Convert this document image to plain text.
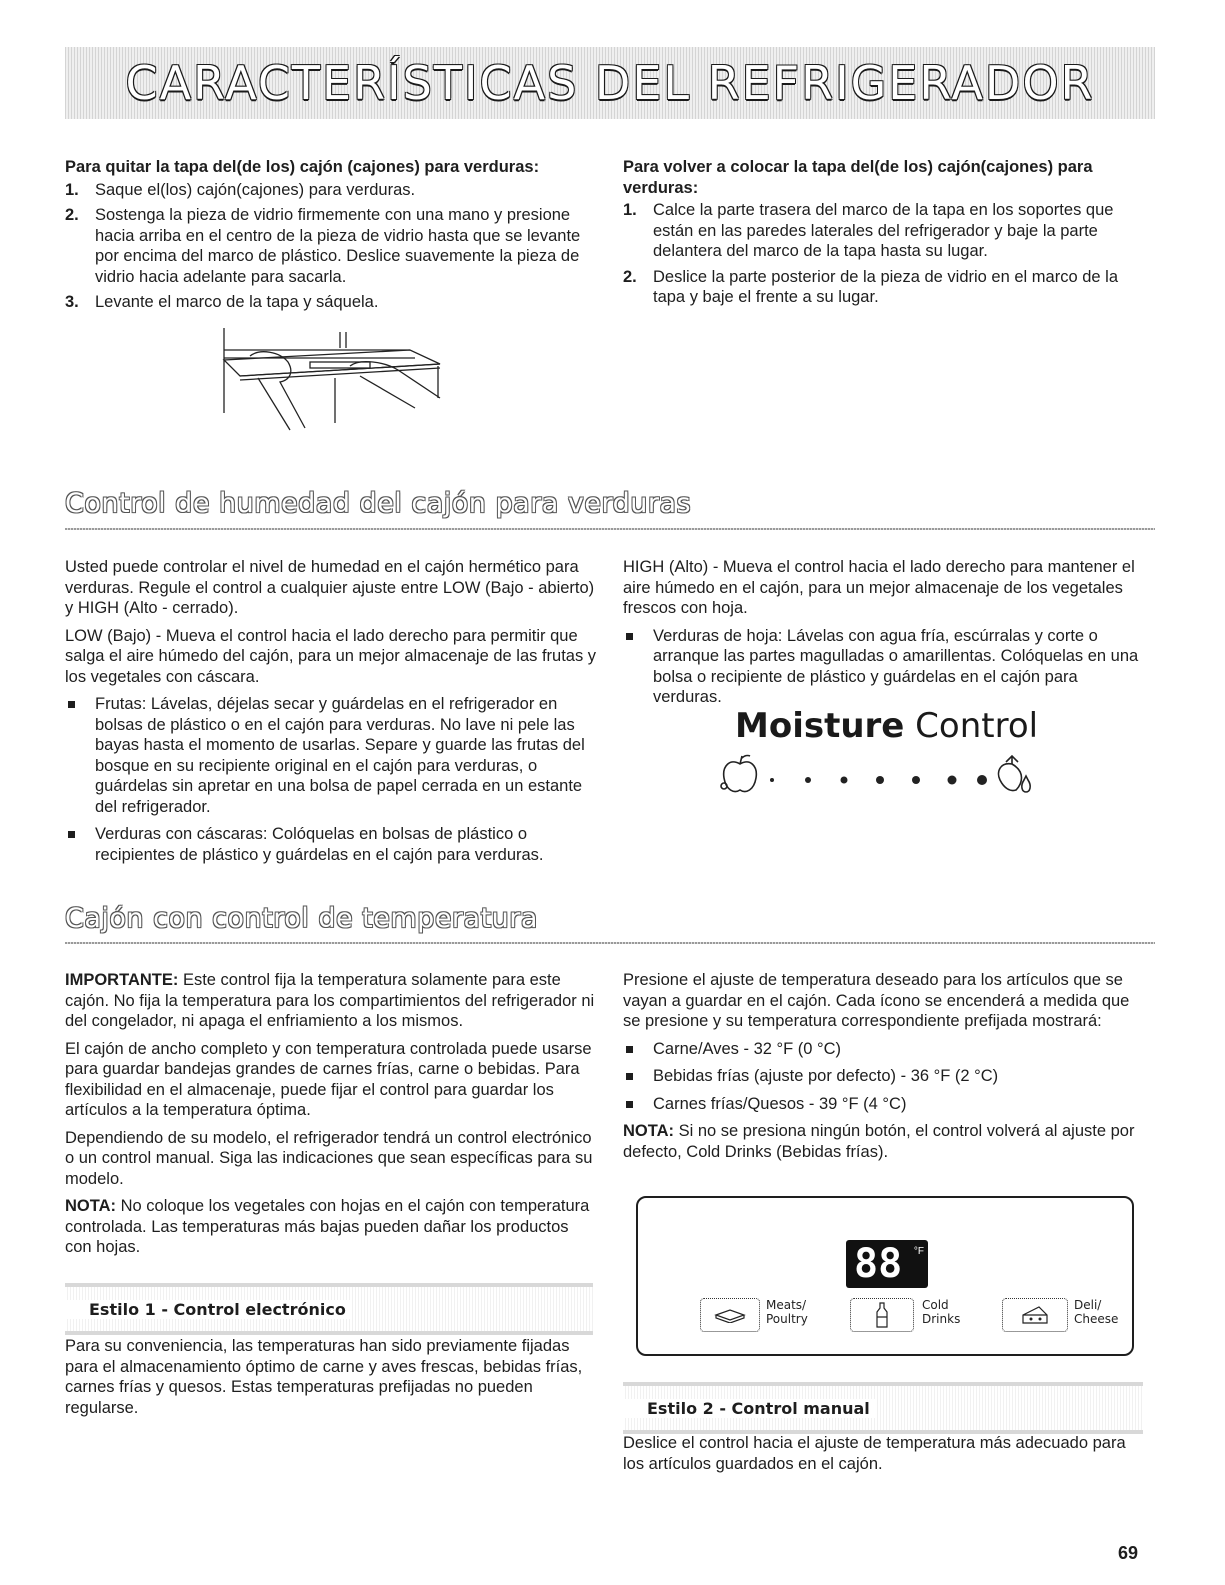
CARACTERÍSTICAS DEL REFRIGERADOR

Para quitar la tapa del(de los) cajón (cajones) para verduras:

1. Saque el(los) cajón(cajones) para verduras.
2. Sostenga la pieza de vidrio firmemente con una mano y presione hacia arriba en el centro de la pieza de vidrio hasta que se levante por encima del marco de plástico. Deslice suavemente la pieza de vidrio hacia adelante para sacarla.
3. Levante el marco de la tapa y sáquela.

Para volver a colocar la tapa del(de los) cajón(cajones) para verduras:

1. Calce la parte trasera del marco de la tapa en los soportes que están en las paredes laterales del refrigerador y baje la parte delantera del marco de la tapa hasta su lugar.
2. Deslice la parte posterior de la pieza de vidrio en el marco de la tapa y baje el frente a su lugar.
Control de humedad del cajón para verduras

Usted puede controlar el nivel de humedad en el cajón hermético para verduras. Regule el control a cualquier ajuste entre LOW (Bajo - abierto) y HIGH (Alto - cerrado).

LOW (Bajo) - Mueva el control hacia el lado derecho para permitir que salga el aire húmedo del cajón, para un mejor almacenaje de las frutas y los vegetales con cáscara.

Frutas: Lávelas, déjelas secar y guárdelas en el refrigerador en bolsas de plástico o en el cajón para verduras. No lave ni pele las bayas hasta el momento de usarlas. Separe y guarde las frutas del bosque en su recipiente original en el cajón para verduras, o guárdelas sin apretar en una bolsa de papel cerrada en un estante del refrigerador.
Verduras con cáscaras: Colóquelas en bolsas de plástico o recipientes de plástico y guárdelas en el cajón para verduras.

HIGH (Alto) - Mueva el control hacia el lado derecho para mantener el aire húmedo en el cajón, para un mejor almacenaje de los vegetales frescos con hoja.

Verduras de hoja: Lávelas con agua fría, escúrralas y corte o arranque las partes magulladas o amarillentas. Colóquelas en una bolsa o recipiente de plástico y guárdelas en el cajón para verduras.
Moisture Control
Cajón con control de temperatura

IMPORTANTE: Este control fija la temperatura solamente para este cajón. No fija la temperatura para los compartimientos del refrigerador ni del congelador, ni apaga el enfriamiento a los mismos.

El cajón de ancho completo y con temperatura controlada puede usarse para guardar bandejas grandes de carnes frías, carne o bebidas. Para flexibilidad en el almacenaje, puede fijar el control para guardar los artículos a la temperatura óptima.

Dependiendo de su modelo, el refrigerador tendrá un control electrónico o un control manual. Siga las indicaciones que sean específicas para su modelo.

NOTA: No coloque los vegetales con hojas en el cajón con temperatura controlada. Las temperaturas más bajas pueden dañar los productos con hojas.

Estilo 1 - Control electrónico

Para su conveniencia, las temperaturas han sido previamente fijadas para el almacenamiento óptimo de carne y aves frescas, bebidas frías, carnes frías y quesos. Estas temperaturas prefijadas no pueden regularse.

Presione el ajuste de temperatura deseado para los artículos que se vayan a guardar en el cajón. Cada ícono se encenderá a medida que se presione y su temperatura correspondiente prefijada mostrará:

Carne/Aves - 32 °F (0 °C)
Bebidas frías (ajuste por defecto) - 36 °F (2 °C)
Carnes frías/Quesos - 39 °F (4 °C)

NOTA: Si no se presiona ningún botón, el control volverá al ajuste por defecto, Cold Drinks (Bebidas frías).

88 °F
Meats/
Poultry
Cold
Drinks
Deli/
Cheese
Estilo 2 - Control manual

Deslice el control hacia el ajuste de temperatura más adecuado para los artículos guardados en el cajón.

69
